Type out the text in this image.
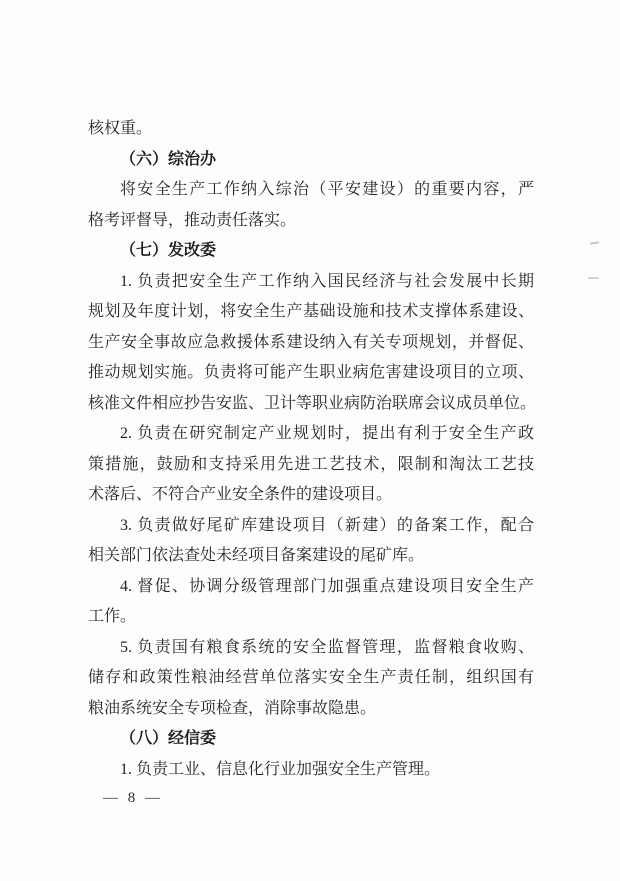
核权重。
（六）综治办
将安全生产工作纳入综治（平安建设）的重要内容，严
格考评督导，推动责任落实。
（七）发改委
1. 负责把安全生产工作纳入国民经济与社会发展中长期
规划及年度计划，将安全生产基础设施和技术支撑体系建设、
生产安全事故应急救援体系建设纳入有关专项规划，并督促、
推动规划实施。负责将可能产生职业病危害建设项目的立项、
核准文件相应抄告安监、卫计等职业病防治联席会议成员单位。
2. 负责在研究制定产业规划时，提出有利于安全生产政
策措施，鼓励和支持采用先进工艺技术，限制和淘汰工艺技
术落后、不符合产业安全条件的建设项目。
3. 负责做好尾矿库建设项目（新建）的备案工作，配合
相关部门依法查处未经项目备案建设的尾矿库。
4. 督促、协调分级管理部门加强重点建设项目安全生产
工作。
5. 负责国有粮食系统的安全监督管理，监督粮食收购、
储存和政策性粮油经营单位落实安全生产责任制，组织国有
粮油系统安全专项检查，消除事故隐患。
（八）经信委
1. 负责工业、信息化行业加强安全生产管理。
— 8 —
